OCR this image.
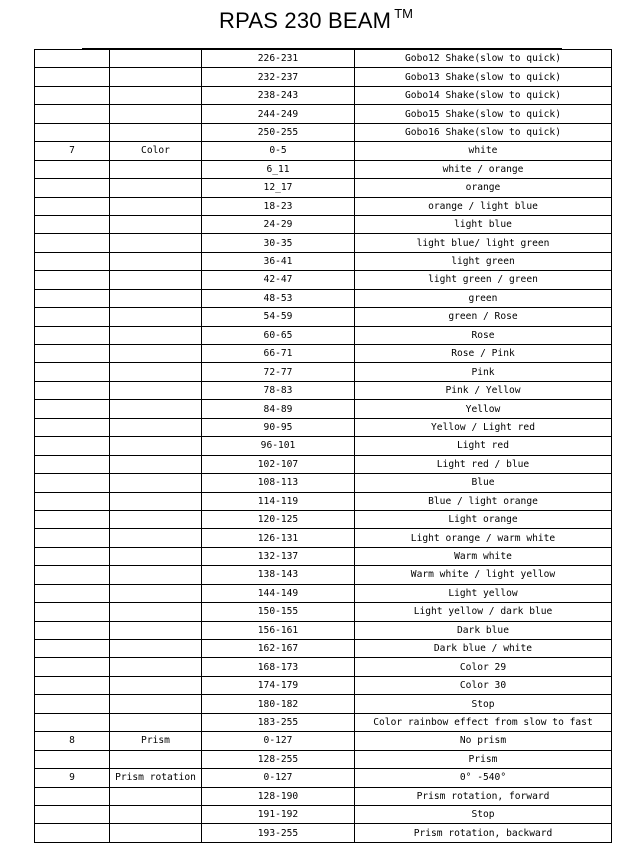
RPAS 230 BEAM ™
		226-231	Gobo12 Shake(slow to quick)
		232-237	Gobo13 Shake(slow to quick)
		238-243	Gobo14 Shake(slow to quick)
		244-249	Gobo15 Shake(slow to quick)
		250-255	Gobo16 Shake(slow to quick)
7	Color	0-5	white
		6_11	white / orange
		12_17	orange
		18-23	orange / light blue
		24-29	light blue
		30-35	light blue/ light green
		36-41	light green
		42-47	light green / green
		48-53	green
		54-59	green / Rose
		60-65	Rose
		66-71	Rose / Pink
		72-77	Pink
		78-83	Pink / Yellow
		84-89	Yellow
		90-95	Yellow / Light red
		96-101	Light red
		102-107	Light red / blue
		108-113	Blue
		114-119	Blue / light orange
		120-125	Light orange
		126-131	Light orange / warm white
		132-137	Warm white
		138-143	Warm white / light yellow
		144-149	Light yellow
		150-155	Light yellow / dark blue
		156-161	Dark blue
		162-167	Dark blue / white
		168-173	Color 29
		174-179	Color 30
		180-182	Stop
		183-255	Color rainbow effect from slow to fast
8	Prism	0-127	No prism
		128-255	Prism
9	Prism rotation	0-127	0° -540°
		128-190	Prism rotation, forward
		191-192	Stop
		193-255	Prism rotation, backward
